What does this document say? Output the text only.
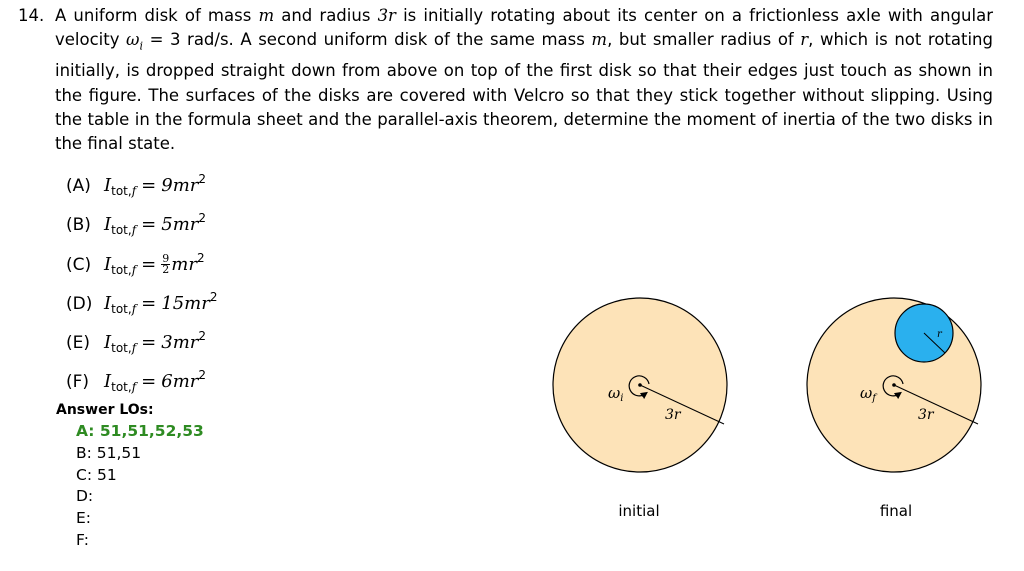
14. A uniform disk of mass m and radius 3r is initially rotating about its center on a frictionless axle with angular velocity $\omega_i = 3$ rad/s. A second uniform disk of the same mass m, but smaller radius of r, which is not rotating initially, is dropped straight down from above on top of the first disk so that their edges just touch as shown in the figure. The surfaces of the disks are covered with Velcro so that they stick together without slipping. Using the table in the formula sheet and the parallel-axis theorem, determine the moment of inertia of the two disks in the final state.
(A) $I_{tot,f} = 9mr^2$
(B) $I_{tot,f} = 5mr^2$
(C) $I_{tot,f} = \frac{9}{2} mr^2$
(D) $I_{tot,f} = 15mr^2$
(E) $I_{tot,f} = 3mr^2$
(F) $I_{tot,f} = 6mr^2$
Answer LOs:
A: 51,51,52,53
B: 51,51
C: 51
D:
E:
F:
$\omega_i$
3r
initial
$\omega_f$
3r
r
final
